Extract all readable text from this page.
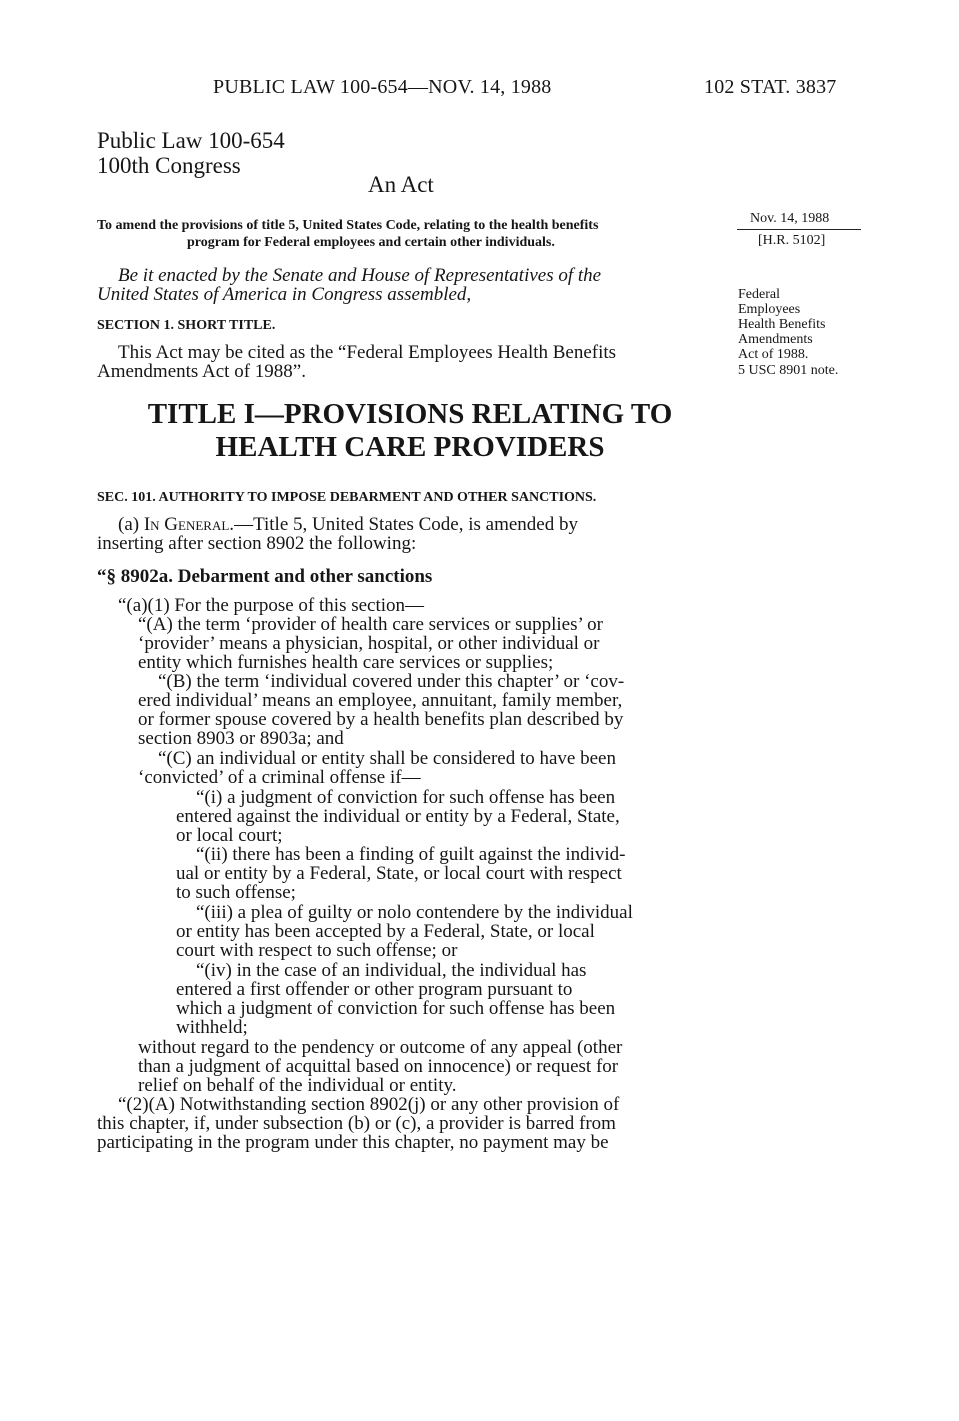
PUBLIC LAW 100-654—NOV. 14, 1988	102 STAT. 3837
Public Law 100-654
100th Congress
An Act
To amend the provisions of title 5, United States Code, relating to the health benefits
program for Federal employees and certain other individuals.
Nov. 14, 1988
[H.R. 5102]
Federal
Employees
Health Benefits
Amendments
Act of 1988.
5 USC 8901 note.
Be it enacted by the Senate and House of Representatives of the
United States of America in Congress assembled,
SECTION 1. SHORT TITLE.
This Act may be cited as the “Federal Employees Health Benefits
Amendments Act of 1988”.
TITLE I—PROVISIONS RELATING TO
HEALTH CARE PROVIDERS
SEC. 101. AUTHORITY TO IMPOSE DEBARMENT AND OTHER SANCTIONS.
(a) In General.—Title 5, United States Code, is amended by
inserting after section 8902 the following:
“§ 8902a. Debarment and other sanctions
“(a)(1) For the purpose of this section—
“(A) the term ‘provider of health care services or supplies’ or
‘provider’ means a physician, hospital, or other individual or
entity which furnishes health care services or supplies;
“(B) the term ‘individual covered under this chapter’ or ‘cov-
ered individual’ means an employee, annuitant, family member,
or former spouse covered by a health benefits plan described by
section 8903 or 8903a; and
“(C) an individual or entity shall be considered to have been
‘convicted’ of a criminal offense if—
“(i) a judgment of conviction for such offense has been
entered against the individual or entity by a Federal, State,
or local court;
“(ii) there has been a finding of guilt against the individ-
ual or entity by a Federal, State, or local court with respect
to such offense;
“(iii) a plea of guilty or nolo contendere by the individual
or entity has been accepted by a Federal, State, or local
court with respect to such offense; or
“(iv) in the case of an individual, the individual has
entered a first offender or other program pursuant to
which a judgment of conviction for such offense has been
withheld;
without regard to the pendency or outcome of any appeal (other
than a judgment of acquittal based on innocence) or request for
relief on behalf of the individual or entity.
“(2)(A) Notwithstanding section 8902(j) or any other provision of
this chapter, if, under subsection (b) or (c), a provider is barred from
participating in the program under this chapter, no payment may be
